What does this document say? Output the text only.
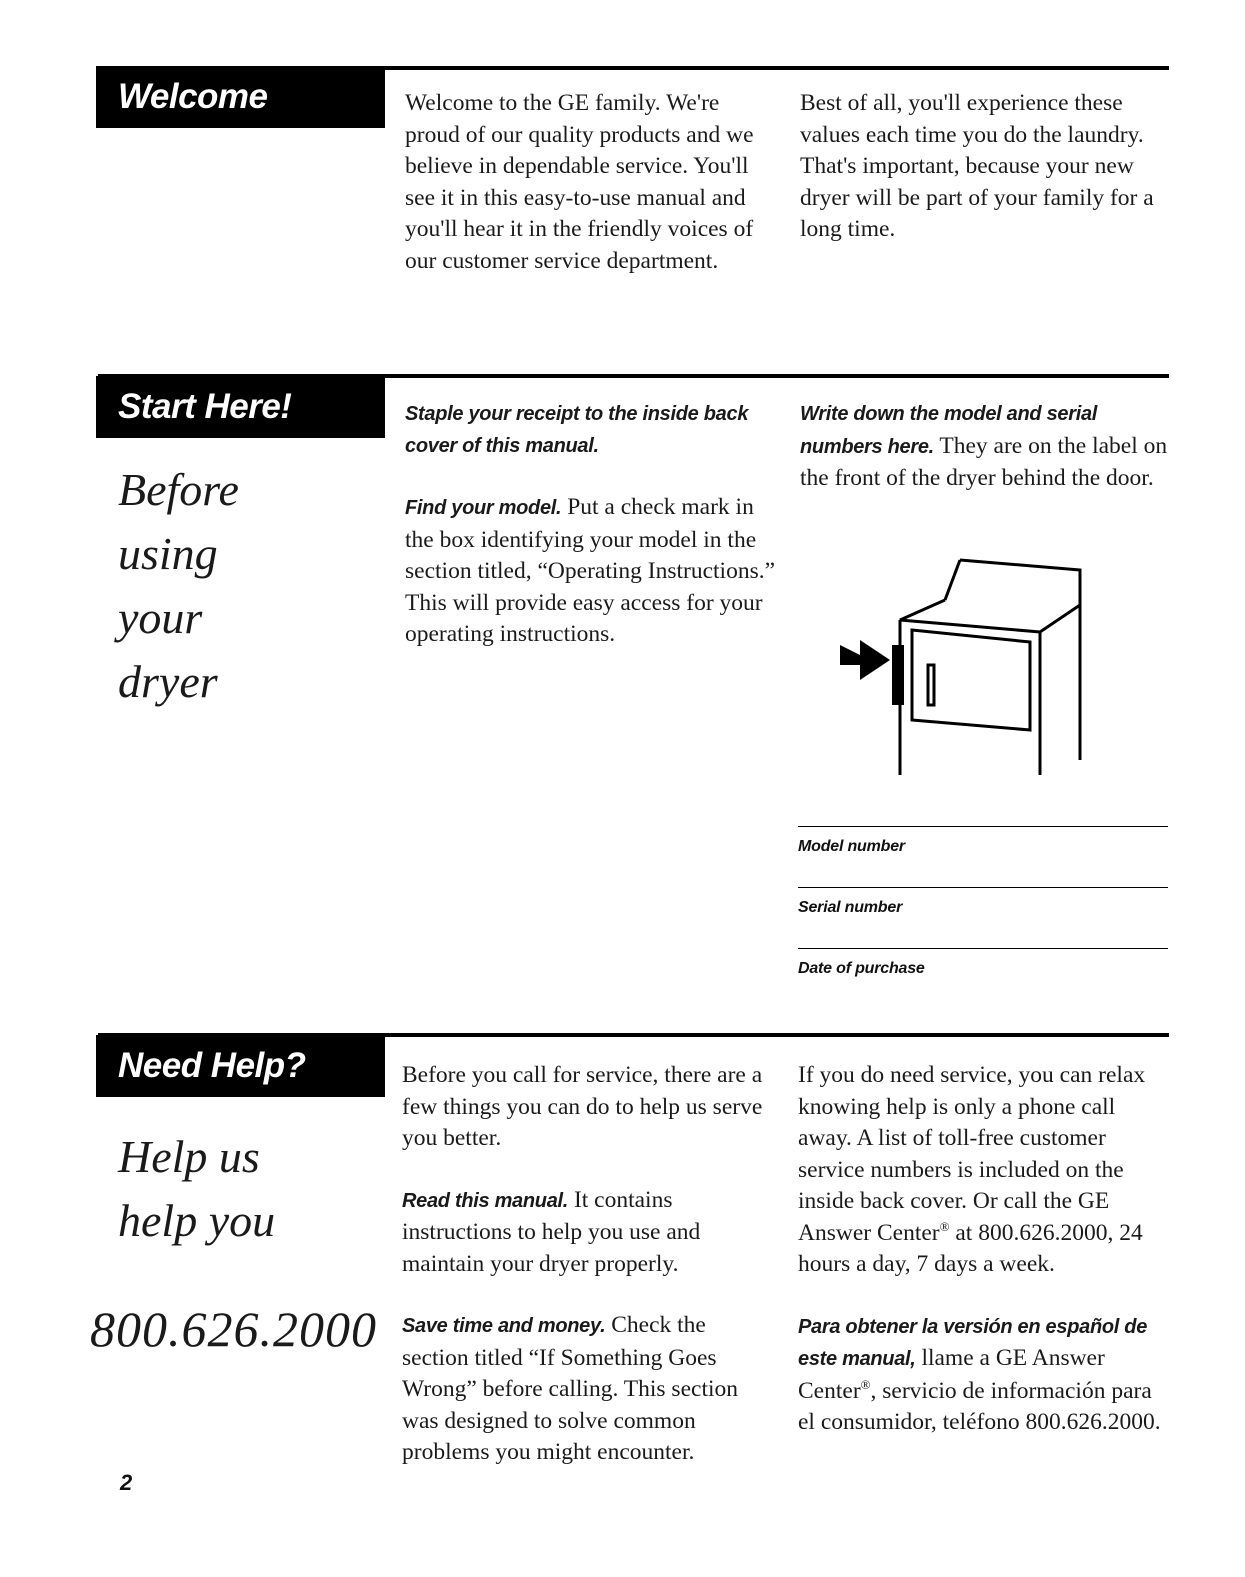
Welcome	Welcome to the GE family. We're proud of our quality products and we believe in dependable service. You'll see it in this easy-to-use manual and you'll hear it in the friendly voices of our customer service department.

Best of all, you'll experience these values each time you do the laundry. That's important, because your new dryer will be part of your family for a long time.

Start Here!
Before
using
your
dryer

Staple your receipt to the inside back cover of this manual.

Find your model. Put a check mark in the box identifying your model in the section titled, “Operating Instructions.” This will provide easy access for your operating instructions.

Write down the model and serial numbers here. They are on the label on the front of the dryer behind the door.

Model number
Serial number
Date of purchase
Need Help?
Help us
help you
800.626.2000

Before you call for service, there are a few things you can do to help us serve you better.

Read this manual. It contains instructions to help you use and maintain your dryer properly.

Save time and money. Check the section titled “If Something Goes Wrong” before calling. This section was designed to solve common problems you might encounter.

If you do need service, you can relax knowing help is only a phone call away. A list of toll-free customer service numbers is included on the inside back cover. Or call the GE Answer Center® at 800.626.2000, 24 hours a day, 7 days a week.

Para obtener la versión en español de este manual, llame a GE Answer Center®, servicio de información para el consumidor, teléfono 800.626.2000.

2
